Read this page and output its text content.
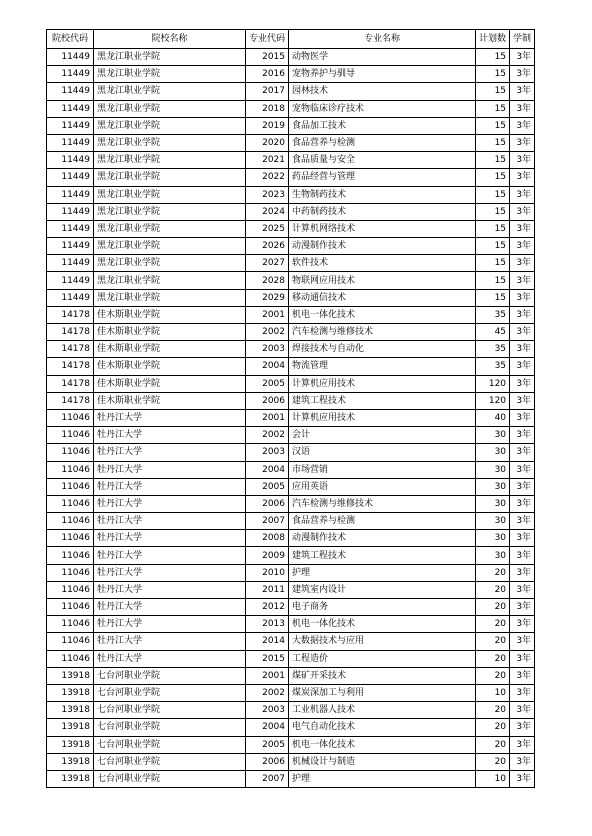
院校代码	院校名称	专业代码	专业名称	计划数	学制
11449	黑龙江职业学院	2015	动物医学	15	3年
11449	黑龙江职业学院	2016	宠物养护与驯导	15	3年
11449	黑龙江职业学院	2017	园林技术	15	3年
11449	黑龙江职业学院	2018	宠物临床诊疗技术	15	3年
11449	黑龙江职业学院	2019	食品加工技术	15	3年
11449	黑龙江职业学院	2020	食品营养与检测	15	3年
11449	黑龙江职业学院	2021	食品质量与安全	15	3年
11449	黑龙江职业学院	2022	药品经营与管理	15	3年
11449	黑龙江职业学院	2023	生物制药技术	15	3年
11449	黑龙江职业学院	2024	中药制药技术	15	3年
11449	黑龙江职业学院	2025	计算机网络技术	15	3年
11449	黑龙江职业学院	2026	动漫制作技术	15	3年
11449	黑龙江职业学院	2027	软件技术	15	3年
11449	黑龙江职业学院	2028	物联网应用技术	15	3年
11449	黑龙江职业学院	2029	移动通信技术	15	3年
14178	佳木斯职业学院	2001	机电一体化技术	35	3年
14178	佳木斯职业学院	2002	汽车检测与维修技术	45	3年
14178	佳木斯职业学院	2003	焊接技术与自动化	35	3年
14178	佳木斯职业学院	2004	物流管理	35	3年
14178	佳木斯职业学院	2005	计算机应用技术	120	3年
14178	佳木斯职业学院	2006	建筑工程技术	120	3年
11046	牡丹江大学	2001	计算机应用技术	40	3年
11046	牡丹江大学	2002	会计	30	3年
11046	牡丹江大学	2003	汉语	30	3年
11046	牡丹江大学	2004	市场营销	30	3年
11046	牡丹江大学	2005	应用英语	30	3年
11046	牡丹江大学	2006	汽车检测与维修技术	30	3年
11046	牡丹江大学	2007	食品营养与检测	30	3年
11046	牡丹江大学	2008	动漫制作技术	30	3年
11046	牡丹江大学	2009	建筑工程技术	30	3年
11046	牡丹江大学	2010	护理	20	3年
11046	牡丹江大学	2011	建筑室内设计	20	3年
11046	牡丹江大学	2012	电子商务	20	3年
11046	牡丹江大学	2013	机电一体化技术	20	3年
11046	牡丹江大学	2014	大数据技术与应用	20	3年
11046	牡丹江大学	2015	工程造价	20	3年
13918	七台河职业学院	2001	煤矿开采技术	20	3年
13918	七台河职业学院	2002	煤炭深加工与利用	10	3年
13918	七台河职业学院	2003	工业机器人技术	20	3年
13918	七台河职业学院	2004	电气自动化技术	20	3年
13918	七台河职业学院	2005	机电一体化技术	20	3年
13918	七台河职业学院	2006	机械设计与制造	20	3年
13918	七台河职业学院	2007	护理	10	3年
